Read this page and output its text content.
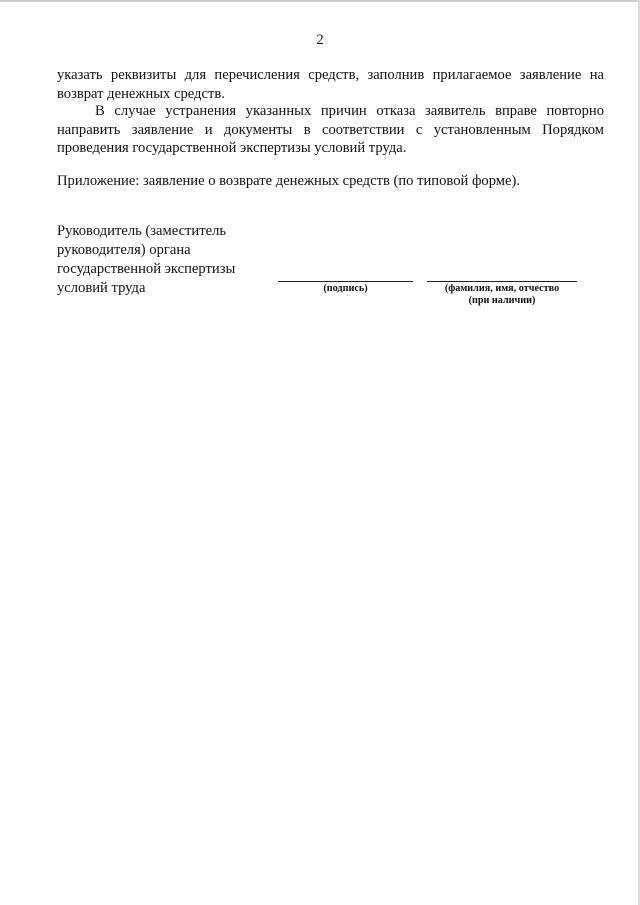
2

указать реквизиты для перечисления средств, заполнив прилагаемое заявление на возврат денежных средств.

В случае устранения указанных причин отказа заявитель вправе повторно направить заявление и документы в соответствии с установленным Порядком проведения государственной экспертизы условий труда.

Приложение: заявление о возврате денежных средств (по типовой форме).

Руководитель (заместитель
руководителя) органа
государственной экспертизы
условий труда	(подпись)	(фамилия, имя, отчество
(при наличии)
